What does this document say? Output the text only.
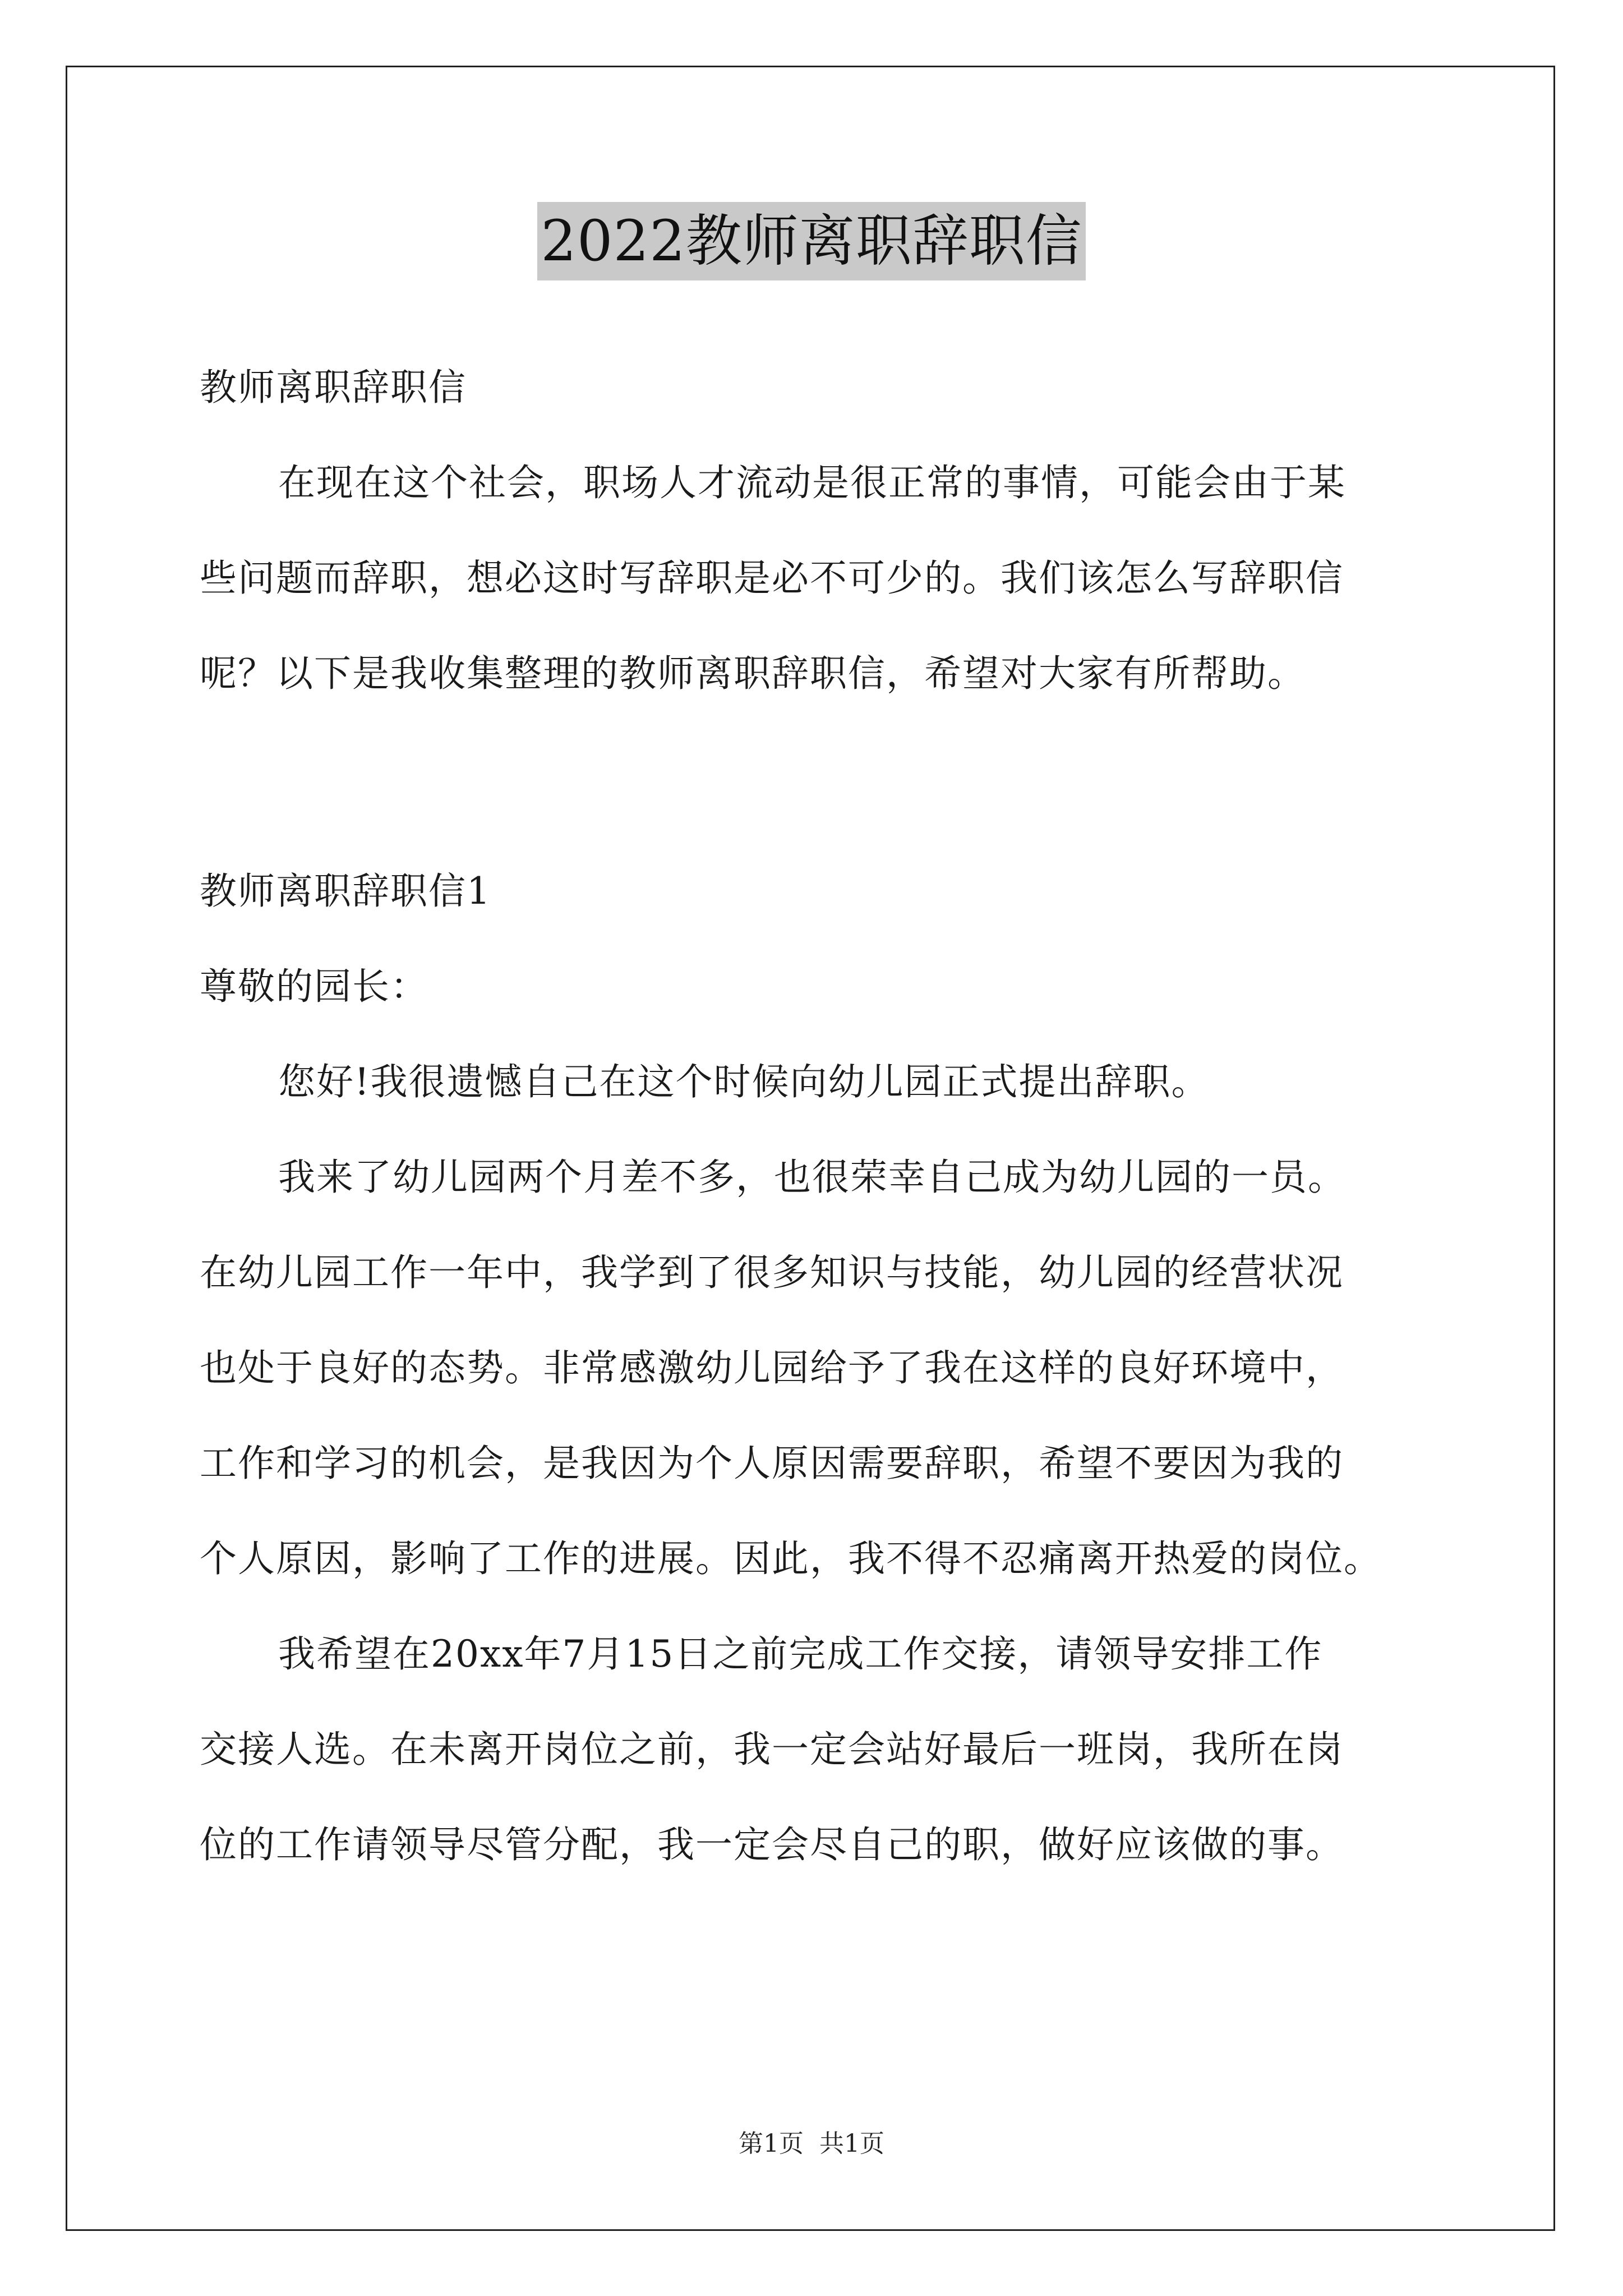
2022教师离职辞职信
教师离职辞职信
在现在这个社会，职场人才流动是很正常的事情，可能会由于某
些问题而辞职，想必这时写辞职是必不可少的。我们该怎么写辞职信
呢？以下是我收集整理的教师离职辞职信，希望对大家有所帮助。
教师离职辞职信1
尊敬的园长：
您好!我很遗憾自己在这个时候向幼儿园正式提出辞职。
我来了幼儿园两个月差不多，也很荣幸自己成为幼儿园的一员。
在幼儿园工作一年中，我学到了很多知识与技能，幼儿园的经营状况
也处于良好的态势。非常感激幼儿园给予了我在这样的良好环境中，
工作和学习的机会，是我因为个人原因需要辞职，希望不要因为我的
个人原因，影响了工作的进展。因此，我不得不忍痛离开热爱的岗位。
我希望在20xx年7月15日之前完成工作交接，请领导安排工作
交接人选。在未离开岗位之前，我一定会站好最后一班岗，我所在岗
位的工作请领导尽管分配，我一定会尽自己的职，做好应该做的事。
第1页 共1页
